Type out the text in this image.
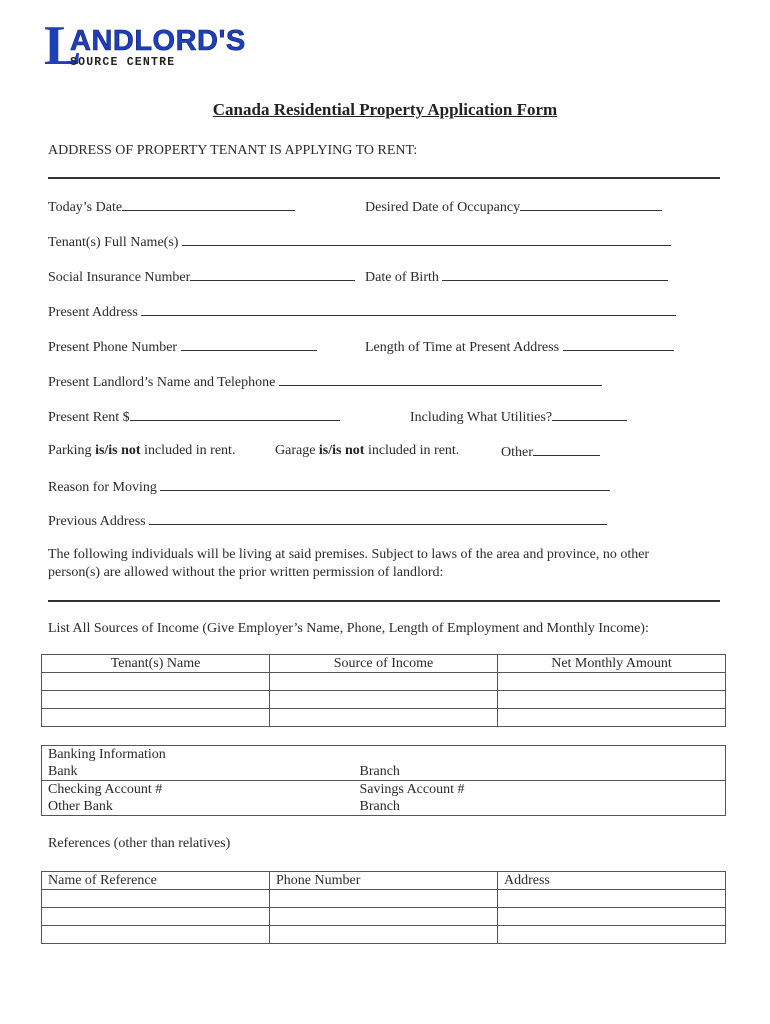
L
ANDLORD'S
SOURCE CENTRE
Canada Residential Property Application Form
ADDRESS OF PROPERTY TENANT IS APPLYING TO RENT:
Today’s Date	Desired Date of Occupancy
Tenant(s) Full Name(s)
Social Insurance Number	Date of Birth
Present Address
Present Phone Number	Length of Time at Present Address
Present Landlord’s Name and Telephone
Present Rent $	Including What Utilities?
Parking is/is not included in rent.	Garage is/is not included in rent.	Other
Reason for Moving
Previous Address
The following individuals will be living at said premises. Subject to laws of the area and province, no other
person(s) are allowed without the prior written permission of landlord:
List All Sources of Income (Give Employer’s Name, Phone, Length of Employment and Monthly Income):
Tenant(s) Name	Source of Income	Net Monthly Amount

Banking Information	
Bank	Branch
Checking Account #	Savings Account #
Other Bank	Branch
References (other than relatives)
Name of Reference	Phone Number	Address
